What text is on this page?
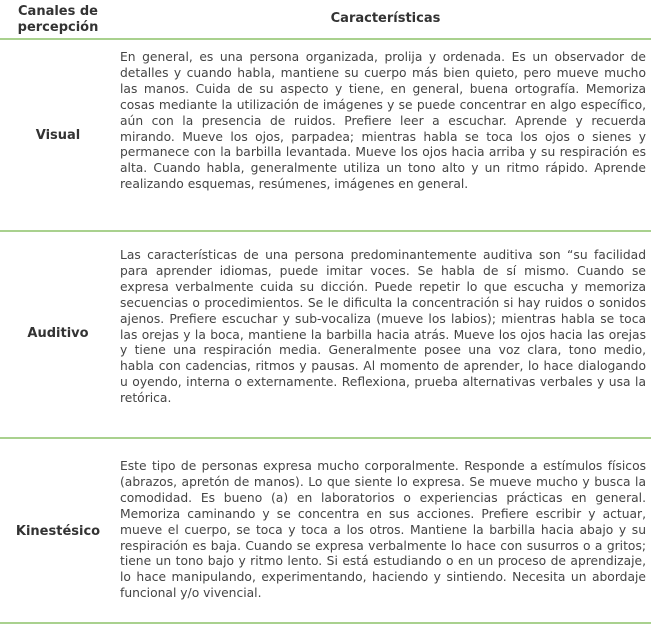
Canales de
percepción
Características
Visual
En general, es una persona organizada, prolija y ordenada. Es un observador de detalles y cuando habla, mantiene su cuerpo más bien quieto, pero mueve mucho las manos. Cuida de su aspecto y tiene, en general, buena ortografía. Memoriza cosas mediante la utilización de imágenes y se puede concentrar en algo específico, aún con la presencia de ruidos. Prefiere leer a escuchar. Aprende y recuerda mirando. Mueve los ojos, parpadea; mientras habla se toca los ojos o sienes y permanece con la barbilla levantada. Mueve los ojos hacia arriba y su respiración es alta. Cuando habla, generalmente utiliza un tono alto y un ritmo rápido. Aprende realizando esquemas, resúmenes, imágenes en general.
Auditivo
Las características de una persona predominantemente auditiva son “su facilidad para aprender idiomas, puede imitar voces. Se habla de sí mismo. Cuando se expresa verbalmente cuida su dicción. Puede repetir lo que escucha y memoriza secuencias o procedimientos. Se le dificulta la concentración si hay ruidos o sonidos ajenos. Prefiere escuchar y sub-vocaliza (mueve los labios); mientras habla se toca las orejas y la boca, mantiene la barbilla hacia atrás. Mueve los ojos hacia las orejas y tiene una respiración media. Generalmente posee una voz clara, tono medio, habla con cadencias, ritmos y pausas. Al momento de aprender, lo hace dialogando u oyendo, interna o externamente. Reflexiona, prueba alternativas verbales y usa la retórica.
Kinestésico
Este tipo de personas expresa mucho corporalmente. Responde a estímulos físicos (abrazos, apretón de manos). Lo que siente lo expresa. Se mueve mucho y busca la comodidad. Es bueno (a) en laboratorios o experiencias prácticas en general. Memoriza caminando y se concentra en sus acciones. Prefiere escribir y actuar, mueve el cuerpo, se toca y toca a los otros. Mantiene la barbilla hacia abajo y su respiración es baja. Cuando se expresa verbalmente lo hace con susurros o a gritos; tiene un tono bajo y ritmo lento. Si está estudiando o en un proceso de aprendizaje, lo hace manipulando, experimentando, haciendo y sintiendo. Necesita un abordaje funcional y/o vivencial.
